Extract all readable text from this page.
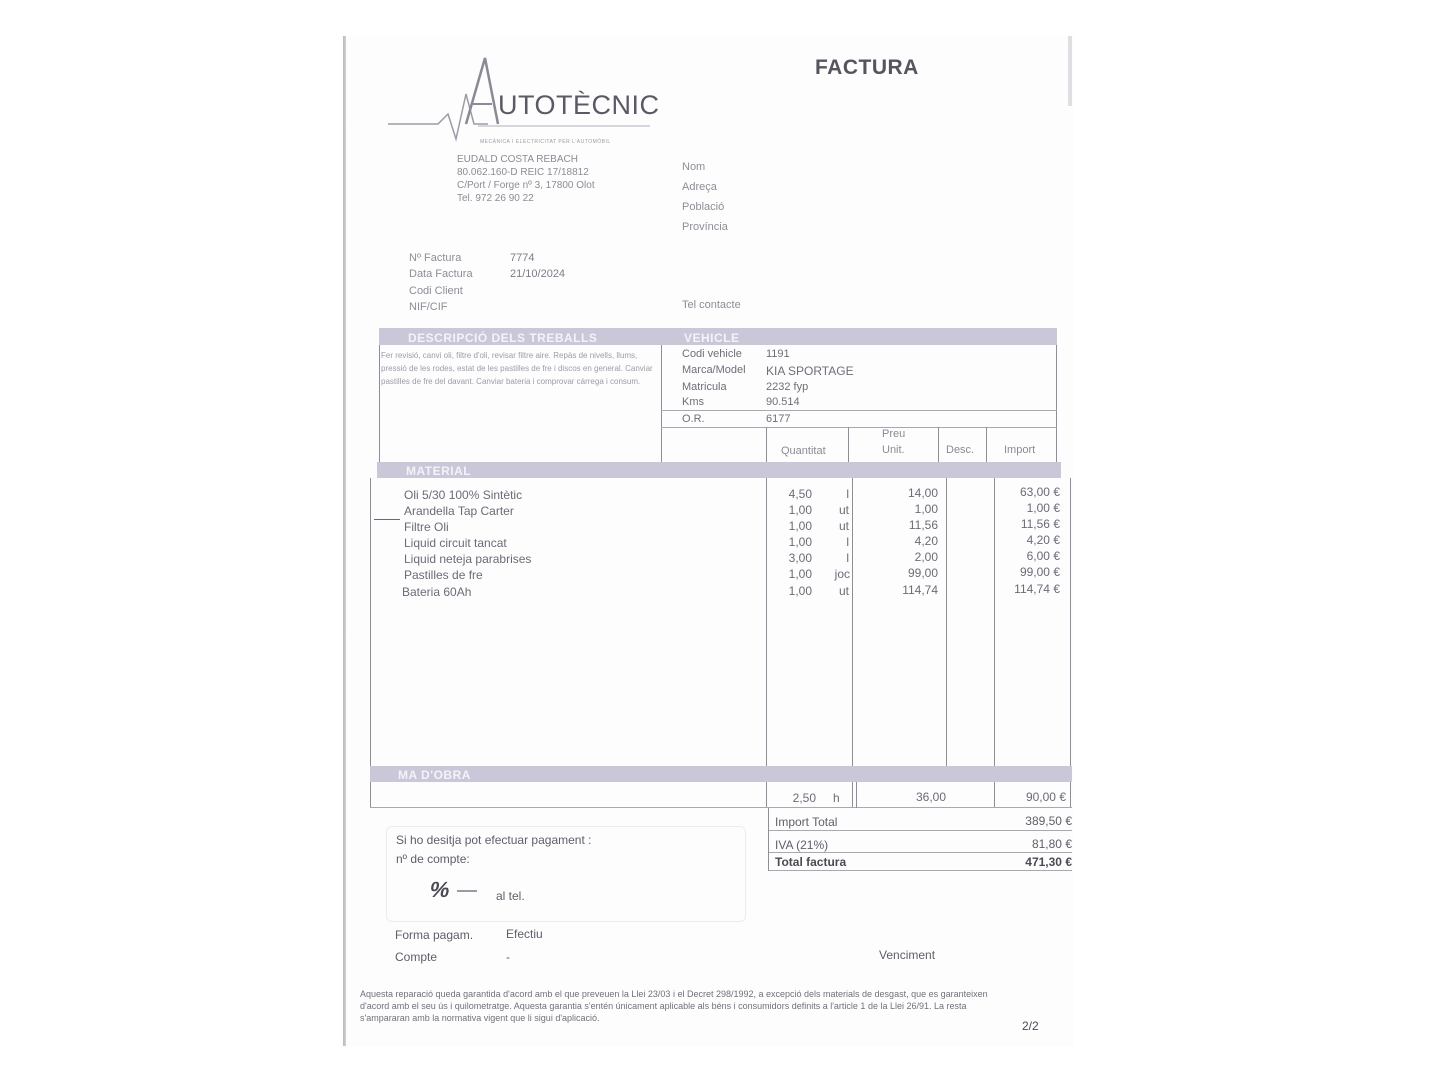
FACTURA
UTOTÈCNIC
MECÀNICA I ELECTRICITAT PER L'AUTOMÒBIL
EUDALD COSTA REBACH
80.062.160-D REIC 17/18812
C/Port / Forge nº 3, 17800 Olot
Tel. 972 26 90 22
Nom
Adreça
Població
Província
Tel contacte
Nº Factura	7774
Data Factura	21/10/2024
Codi Client
NIF/CIF
DESCRIPCIÓ DELS TREBALLS	VEHICLE
Fer revisió, canvi oli, filtre d'oli, revisar filtre aire. Repàs de nivells, llums, pressió de les rodes, estat de les pastilles de fre i discos en general. Canviar pastilles de fre del davant. Canviar bateria i comprovar càrrega i consum.
Codi vehicle 1191
Marca/Model KIA SPORTAGE
Matricula	2232 fyp
Kms	90.514
O.R.	6177
Quantitat
Preu
Unit.	Desc.	Import
MATERIAL
Oli 5/30 100% Sintètic	4,50	l	14,00	63,00 €
Arandella Tap Carter	1,00	ut	1,00	1,00 €
Filtre Oli	1,00	ut	11,56	11,56 €
Liquid circuit tancat	1,00	l	4,20	4,20 €
Liquid neteja parabrises	3,00	l	2,00	6,00 €
Pastilles de fre	1,00	joc	99,00	99,00 €
Bateria 60Ah	1,00	ut	114,74	114,74 €
MA D'OBRA
2,50 h	36,00	90,00 €
Import Total	389,50 €
IVA (21%)	81,80 €
Total factura	471,30 €
Si ho desitja pot efectuar pagament :
nº de compte:
%	al tel.
Forma pagam.	Efectiu
Compte	-	Venciment
Aquesta reparació queda garantida d'acord amb el que preveuen la Llei 23/03 i el Decret 298/1992, a excepció dels materials de desgast, que es garanteixen d'acord amb el seu ús i quilometratge. Aquesta garantia s'entén únicament aplicable als béns i consumidors definits a l'article 1 de la Llei 26/91. La resta s'ampararan amb la normativa vigent que li sigui d'aplicació.
2/2
